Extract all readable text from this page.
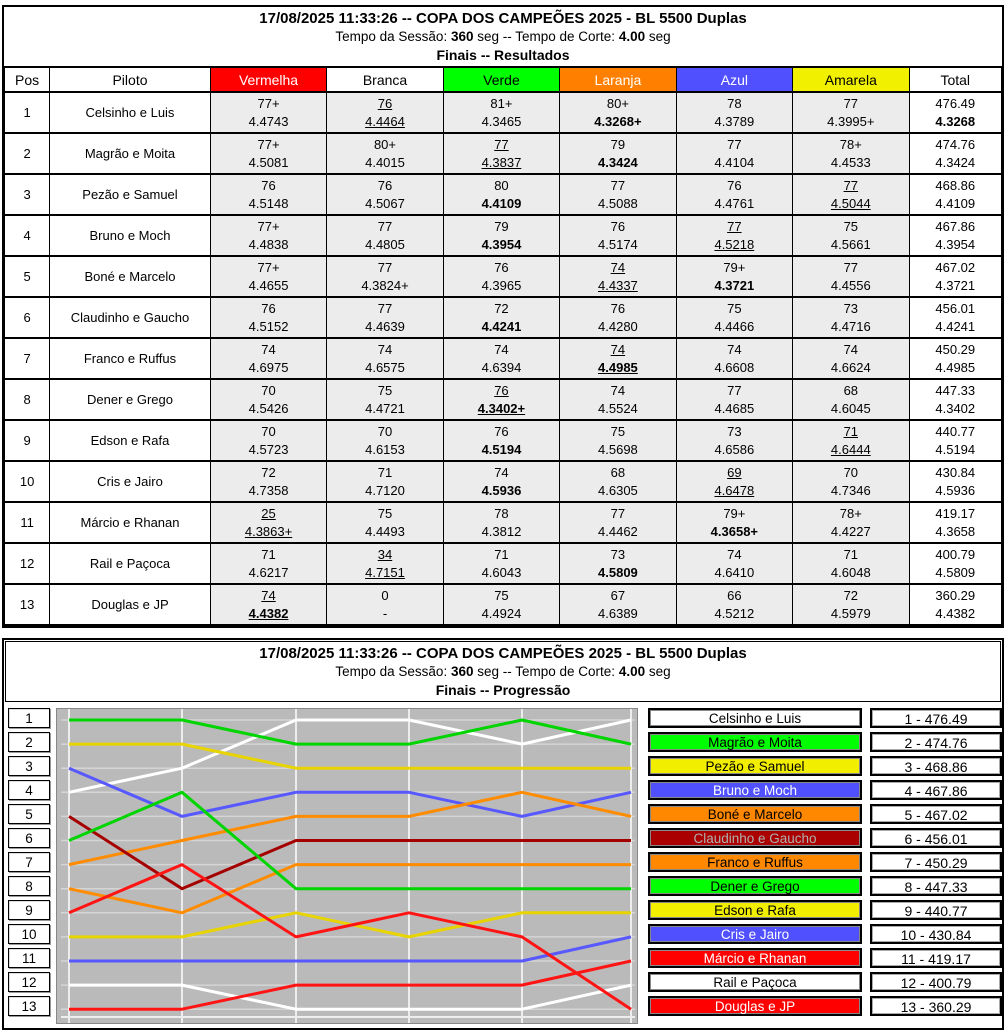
17/08/2025 11:33:26 -- COPA DOS CAMPEÕES 2025 - BL 5500 Duplas
Tempo da Sessão: 360 seg -- Tempo de Corte: 4.00 seg
Finais -- Resultados
Pos	Piloto	Vermelha	Branca	Verde	Laranja	Azul	Amarela	Total
1	Celsinho e Luis	
77+
4.4743

76
4.4464

81+
4.3465

80+
4.3268+

78
4.3789

77
4.3995+

476.49
4.3268

2	Magrão e Moita	
77+
4.5081

80+
4.4015

77
4.3837

79
4.3424

77
4.4104

78+
4.4533

474.76
4.3424

3	Pezão e Samuel	
76
4.5148

76
4.5067

80
4.4109

77
4.5088

76
4.4761

77
4.5044

468.86
4.4109

4	Bruno e Moch	
77+
4.4838

77
4.4805

79
4.3954

76
4.5174

77
4.5218

75
4.5661

467.86
4.3954

5	Boné e Marcelo	
77+
4.4655

77
4.3824+

76
4.3965

74
4.4337

79+
4.3721

77
4.4556

467.02
4.3721

6	Claudinho e Gaucho	
76
4.5152

77
4.4639

72
4.4241

76
4.4280

75
4.4466

73
4.4716

456.01
4.4241

7	Franco e Ruffus	
74
4.6975

74
4.6575

74
4.6394

74
4.4985

74
4.6608

74
4.6624

450.29
4.4985

8	Dener e Grego	
70
4.5426

75
4.4721

76
4.3402+

74
4.5524

77
4.4685

68
4.6045

447.33
4.3402

9	Edson e Rafa	
70
4.5723

70
4.6153

76
4.5194

75
4.5698

73
4.6586

71
4.6444

440.77
4.5194

10	Cris e Jairo	
72
4.7358

71
4.7120

74
4.5936

68
4.6305

69
4.6478

70
4.7346

430.84
4.5936

11	Márcio e Rhanan	
25
4.3863+

75
4.4493

78
4.3812

77
4.4462

79+
4.3658+

78+
4.4227

419.17
4.3658

12	Rail e Paçoca	
71
4.6217

34
4.7151

71
4.6043

73
4.5809

74
4.6410

71
4.6048

400.79
4.5809

13	Douglas e JP	
74
4.4382

0
-

75
4.4924

67
4.6389

66
4.5212

72
4.5979

360.29
4.4382
17/08/2025 11:33:26 -- COPA DOS CAMPEÕES 2025 - BL 5500 Duplas
Tempo da Sessão: 360 seg -- Tempo de Corte: 4.00 seg
Finais -- Progressão
1
2
3
4
5
6
7
8
9
10
11
12
13
Celsinho e Luis
Magrão e Moita
Pezão e Samuel
Bruno e Moch
Boné e Marcelo
Claudinho e Gaucho
Franco e Ruffus
Dener e Grego
Edson e Rafa
Cris e Jairo
Márcio e Rhanan
Rail e Paçoca
Douglas e JP
1 - 476.49
2 - 474.76
3 - 468.86
4 - 467.86
5 - 467.02
6 - 456.01
7 - 450.29
8 - 447.33
9 - 440.77
10 - 430.84
11 - 419.17
12 - 400.79
13 - 360.29
